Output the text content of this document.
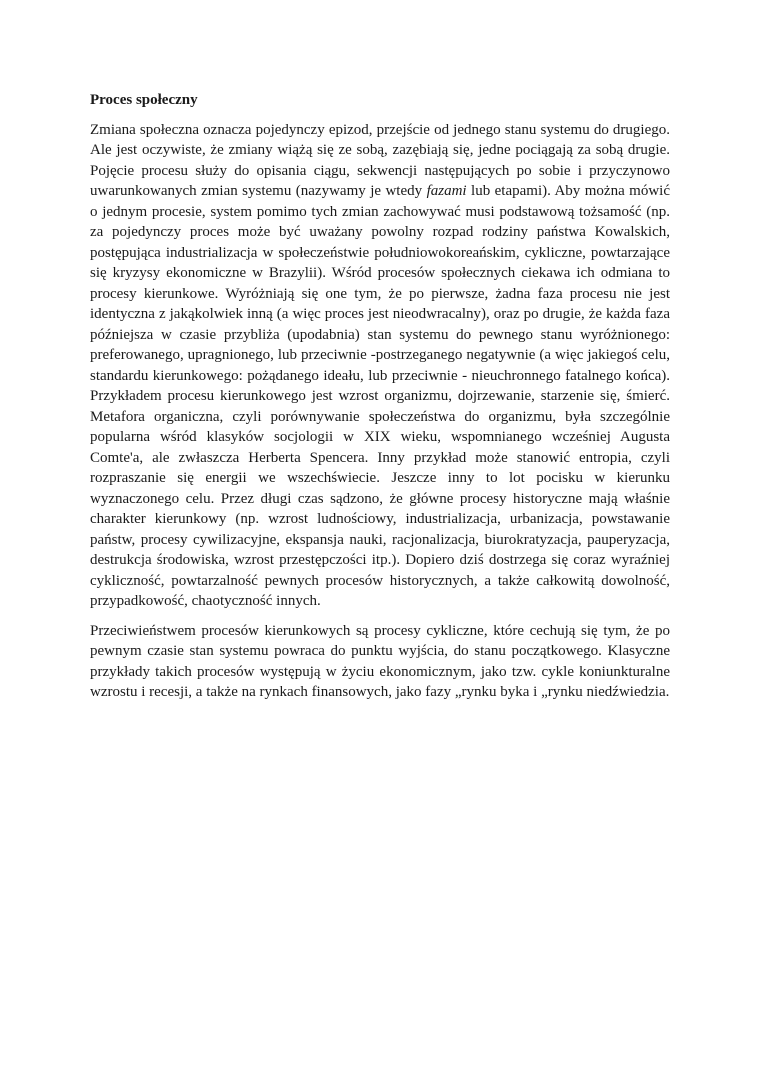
Proces społeczny

Zmiana społeczna oznacza pojedynczy epizod, przejście od jednego stanu systemu do drugiego. Ale jest oczywiste, że zmiany wiążą się ze sobą, zazębiają się, jedne pociągają za sobą drugie. Pojęcie procesu służy do opisania ciągu, sekwencji następujących po sobie i przyczynowo uwarunkowanych zmian systemu (nazywamy je wtedy fazami lub etapami). Aby można mówić o jednym procesie, system pomimo tych zmian zachowywać musi podstawową tożsamość (np. za pojedynczy proces może być uważany powolny rozpad rodziny państwa Kowalskich, postępująca industrializacja w społeczeństwie południowokoreańskim, cykliczne, powtarzające się kryzysy ekonomiczne w Brazylii). Wśród procesów społecznych ciekawa ich odmiana to procesy kierunkowe. Wyróżniają się one tym, że po pierwsze, żadna faza procesu nie jest identyczna z jakąkolwiek inną (a więc proces jest nieodwracalny), oraz po drugie, że każda faza późniejsza w czasie przybliża (upodabnia) stan systemu do pewnego stanu wyróżnionego: preferowanego, upragnionego, lub przeciwnie -postrzeganego negatywnie (a więc jakiegoś celu, standardu kierunkowego: pożądanego ideału, lub przeciwnie - nieuchronnego fatalnego końca). Przykładem procesu kierunkowego jest wzrost organizmu, dojrzewanie, starzenie się, śmierć. Metafora organiczna, czyli porównywanie społeczeństwa do organizmu, była szczególnie popularna wśród klasyków socjologii w XIX wieku, wspomnianego wcześniej Augusta Comte'a, ale zwłaszcza Herberta Spencera. Inny przykład może stanowić entropia, czyli rozpraszanie się energii we wszechświecie. Jeszcze inny to lot pocisku w kierunku wyznaczonego celu. Przez długi czas sądzono, że główne procesy historyczne mają właśnie charakter kierunkowy (np. wzrost ludnościowy, industrializacja, urbanizacja, powstawanie państw, procesy cywilizacyjne, ekspansja nauki, racjonalizacja, biurokratyzacja, pauperyzacja, destrukcja środowiska, wzrost przestępczości itp.). Dopiero dziś dostrzega się coraz wyraźniej cykliczność, powtarzalność pewnych procesów historycznych, a także całkowitą dowolność, przypadkowość, chaotyczność innych.

Przeciwieństwem procesów kierunkowych są procesy cykliczne, które cechują się tym, że po pewnym czasie stan systemu powraca do punktu wyjścia, do stanu początkowego. Klasyczne przykłady takich procesów występują w życiu ekonomicznym, jako tzw. cykle koniunkturalne wzrostu i recesji, a także na rynkach finansowych, jako fazy „rynku byka i „rynku niedźwiedzia.
